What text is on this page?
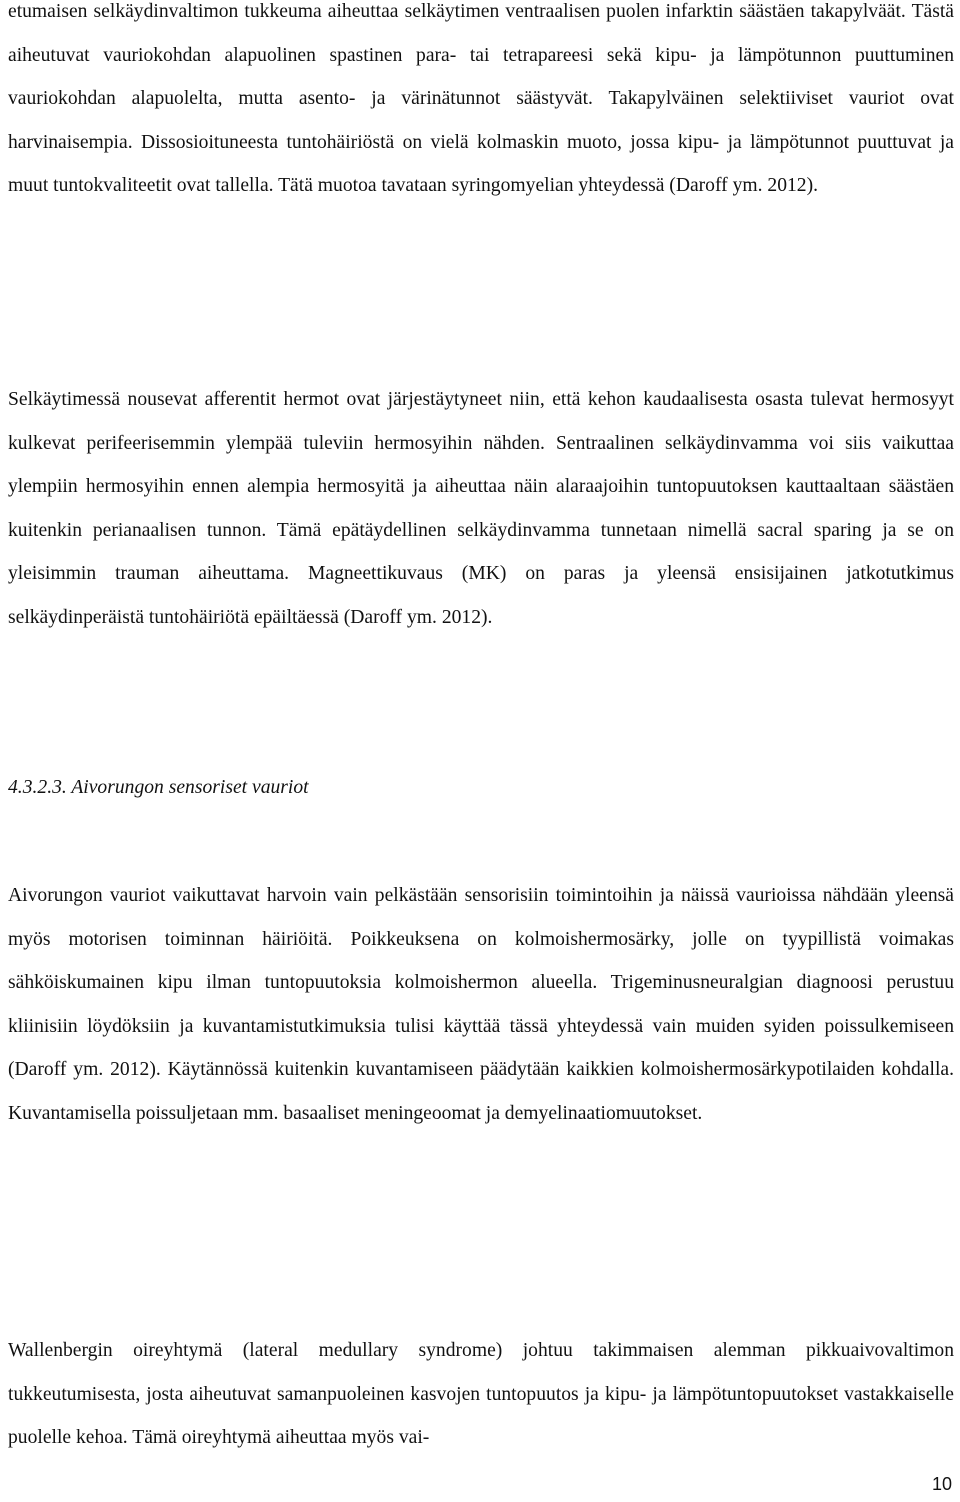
etumaisen selkäydinvaltimon tukkeuma aiheuttaa selkäytimen ventraalisen puolen infarktin säästäen takapylväät. Tästä aiheutuvat vauriokohdan alapuolinen spastinen para- tai tetrapareesi sekä kipu- ja lämpötunnon puuttuminen vauriokohdan alapuolelta, mutta asento- ja värinätunnot säästyvät. Takapylväinen selektiiviset vauriot ovat harvinaisempia. Dissosioituneesta tuntohäiriöstä on vielä kolmaskin muoto, jossa kipu- ja lämpötunnot puuttuvat ja muut tuntokvaliteetit ovat tallella. Tätä muotoa tavataan syringomyelian yhteydessä (Daroff ym. 2012).

Selkäytimessä nousevat afferentit hermot ovat järjestäytyneet niin, että kehon kaudaalisesta osasta tulevat hermosyyt kulkevat perifeerisemmin ylempää tuleviin hermosyihin nähden. Sentraalinen selkäydinvamma voi siis vaikuttaa ylempiin hermosyihin ennen alempia hermosyitä ja aiheuttaa näin alaraajoihin tuntopuutoksen kauttaaltaan säästäen kuitenkin perianaalisen tunnon. Tämä epätäydellinen selkäydinvamma tunnetaan nimellä sacral sparing ja se on yleisimmin trauman aiheuttama. Magneettikuvaus (MK) on paras ja yleensä ensisijainen jatkotutkimus selkäydinperäistä tuntohäiriötä epäiltäessä (Daroff ym. 2012).

4.3.2.3. Aivorungon sensoriset vauriot

Aivorungon vauriot vaikuttavat harvoin vain pelkästään sensorisiin toimintoihin ja näissä vaurioissa nähdään yleensä myös motorisen toiminnan häiriöitä. Poikkeuksena on kolmoishermosärky, jolle on tyypillistä voimakas sähköiskumainen kipu ilman tuntopuutoksia kolmoishermon alueella. Trigeminusneuralgian diagnoosi perustuu kliinisiin löydöksiin ja kuvantamistutkimuksia tulisi käyttää tässä yhteydessä vain muiden syiden poissulkemiseen (Daroff ym. 2012). Käytännössä kuitenkin kuvantamiseen päädytään kaikkien kolmoishermosärkypotilaiden kohdalla. Kuvantamisella poissuljetaan mm. basaaliset meningeoomat ja demyelinaatiomuutokset.

Wallenbergin oireyhtymä (lateral medullary syndrome) johtuu takimmaisen alemman pikkuaivovaltimon tukkeutumisesta, josta aiheutuvat samanpuoleinen kasvojen tuntopuutos ja kipu- ja lämpötuntopuutokset vastakkaiselle puolelle kehoa. Tämä oireyhtymä aiheuttaa myös vai-

10
